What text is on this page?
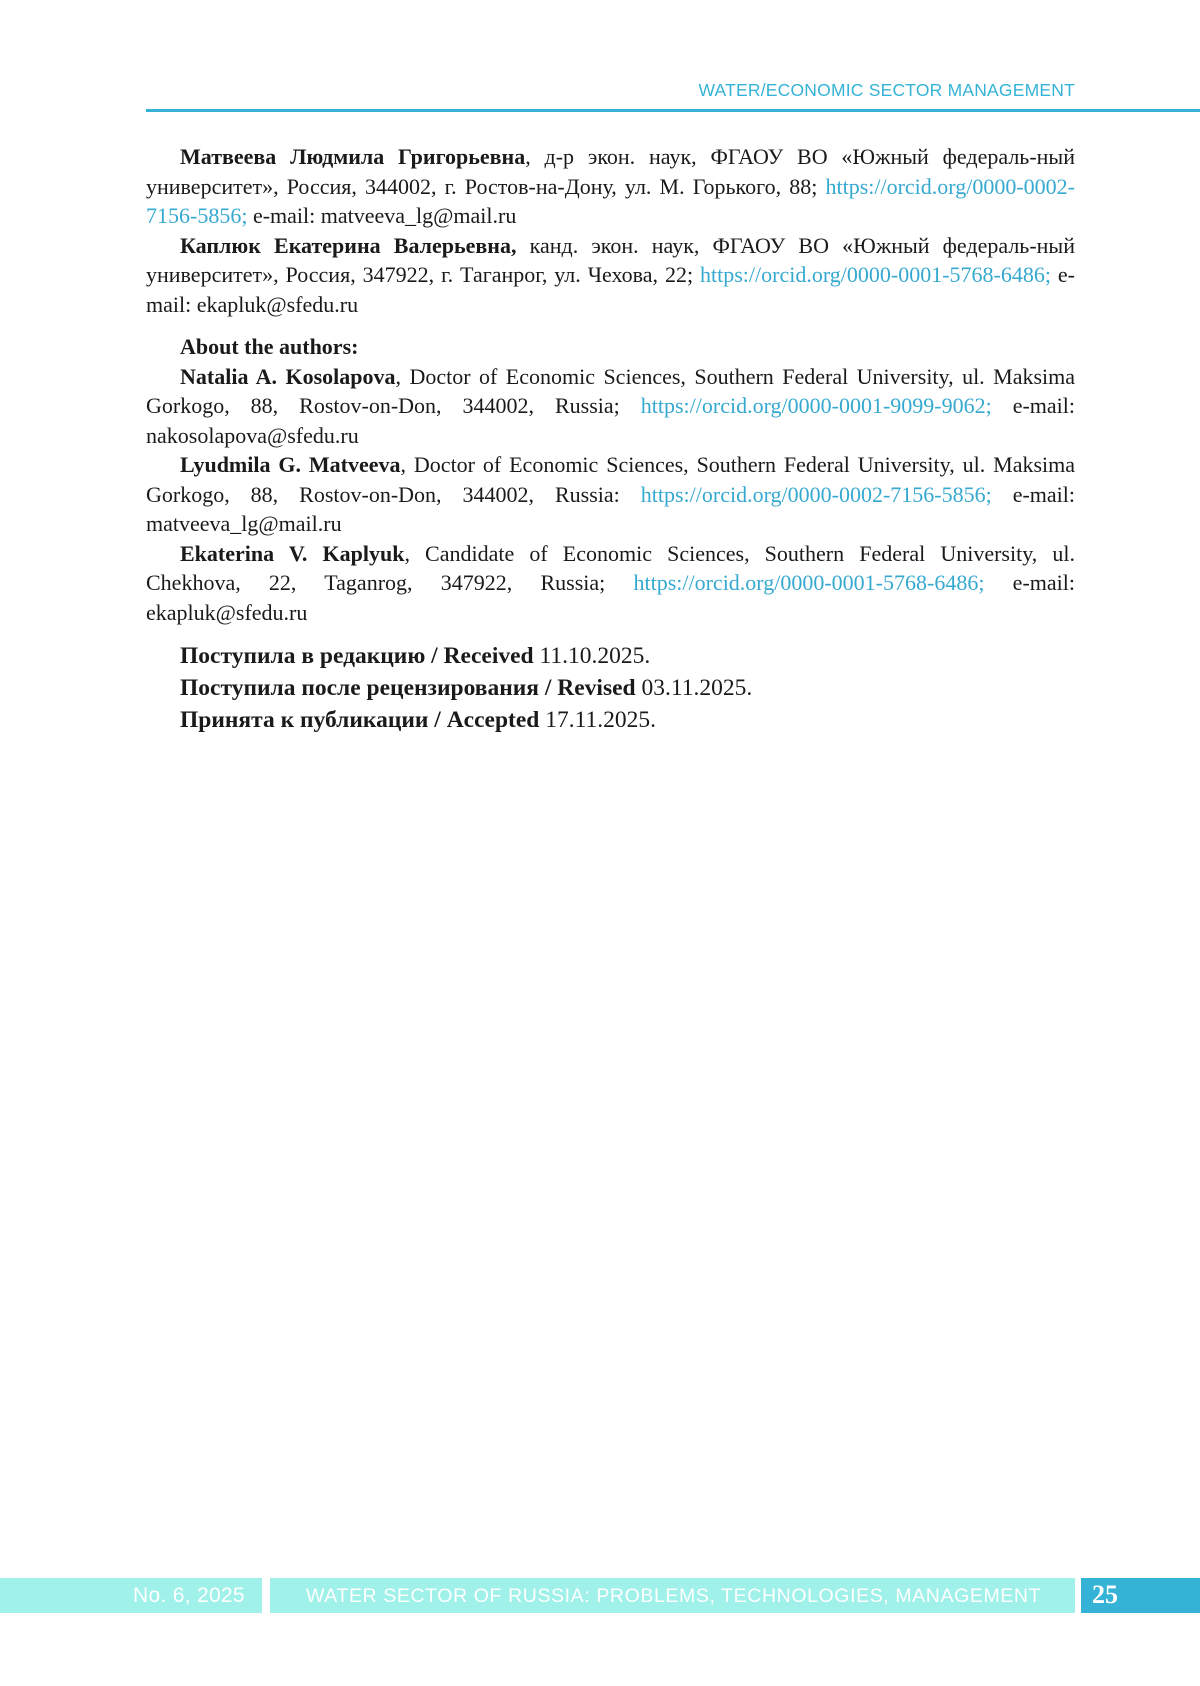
WATER/ECONOMIC SECTOR MANAGEMENT

Матвеева Людмила Григорьевна, д-р экон. наук, ФГАОУ ВО «Южный федераль-ный университет», Россия, 344002, г. Ростов-на-Дону, ул. М. Горького, 88; https://orcid.org/0000-0002-7156-5856; e-mail: matveeva_lg@mail.ru

Каплюк Екатерина Валерьевна, канд. экон. наук, ФГАОУ ВО «Южный федераль-ный университет», Россия, 347922, г. Таганрог, ул. Чехова, 22; https://orcid.org/0000-0001-5768-6486; e-mail: ekapluk@sfedu.ru

About the authors:

Natalia A. Kosolapova, Doctor of Economic Sciences, Southern Federal University, ul. Maksima Gorkogo, 88, Rostov-on-Don, 344002, Russia; https://orcid.org/0000-0001-9099-9062; e-mail: nakosolapova@sfedu.ru

Lyudmila G. Matveeva, Doctor of Economic Sciences, Southern Federal University, ul. Maksima Gorkogo, 88, Rostov-on-Don, 344002, Russia: https://orcid.org/0000-0002-7156-5856; e-mail: matveeva_lg@mail.ru

Ekaterina V. Kaplyuk, Candidate of Economic Sciences, Southern Federal University, ul. Chekhova, 22, Taganrog, 347922, Russia; https://orcid.org/0000-0001-5768-6486; e-mail: ekapluk@sfedu.ru

Поступила в редакцию / Received 11.10.2025.

Поступила после рецензирования / Revised 03.11.2025.

Принята к публикации / Accepted 17.11.2025.

No. 6, 2025	WATER SECTOR OF RUSSIA: PROBLEMS, TECHNOLOGIES, MANAGEMENT 25
